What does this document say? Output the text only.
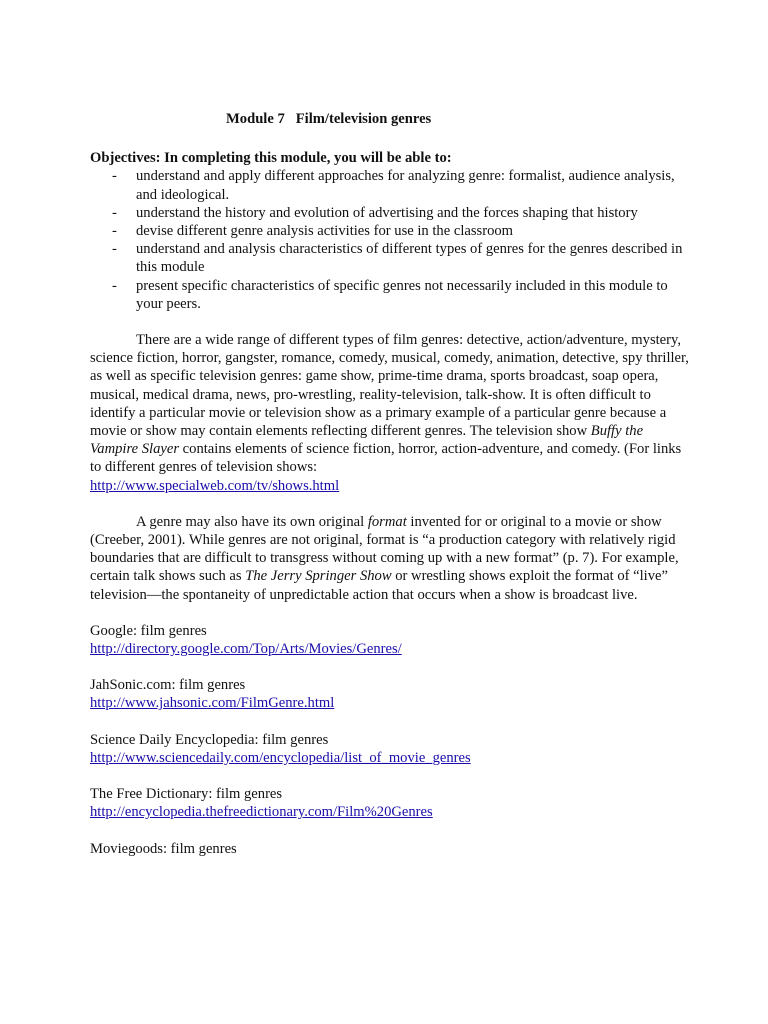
Module 7   Film/television genres
Objectives: In completing this module, you will be able to:
- understand and apply different approaches for analyzing genre: formalist, audience analysis, and ideological.
- understand the history and evolution of advertising and the forces shaping that history
- devise different genre analysis activities for use in the classroom
- understand and analysis characteristics of different types of genres for the genres described in this module
- present specific characteristics of specific genres not necessarily included in this module to your peers.

There are a wide range of different types of film genres: detective, action/adventure, mystery, science fiction, horror, gangster, romance, comedy, musical, comedy, animation, detective, spy thriller, as well as specific television genres: game show, prime-time drama, sports broadcast, soap opera, musical, medical drama, news, pro-wrestling, reality-television, talk-show. It is often difficult to identify a particular movie or television show as a primary example of a particular genre because a movie or show may contain elements reflecting different genres. The television show Buffy the Vampire Slayer contains elements of science fiction, horror, action-adventure, and comedy. (For links to different genres of television shows:
http://www.specialweb.com/tv/shows.html

A genre may also have its own original format invented for or original to a movie or show (Creeber, 2001). While genres are not original, format is “a production category with relatively rigid boundaries that are difficult to transgress without coming up with a new format” (p. 7). For example, certain talk shows such as The Jerry Springer Show or wrestling shows exploit the format of “live” television—the spontaneity of unpredictable action that occurs when a show is broadcast live.

Google: film genres
http://directory.google.com/Top/Arts/Movies/Genres/
JahSonic.com: film genres
http://www.jahsonic.com/FilmGenre.html
Science Daily Encyclopedia: film genres
http://www.sciencedaily.com/encyclopedia/list_of_movie_genres
The Free Dictionary: film genres
http://encyclopedia.thefreedictionary.com/Film%20Genres
Moviegoods: film genres
